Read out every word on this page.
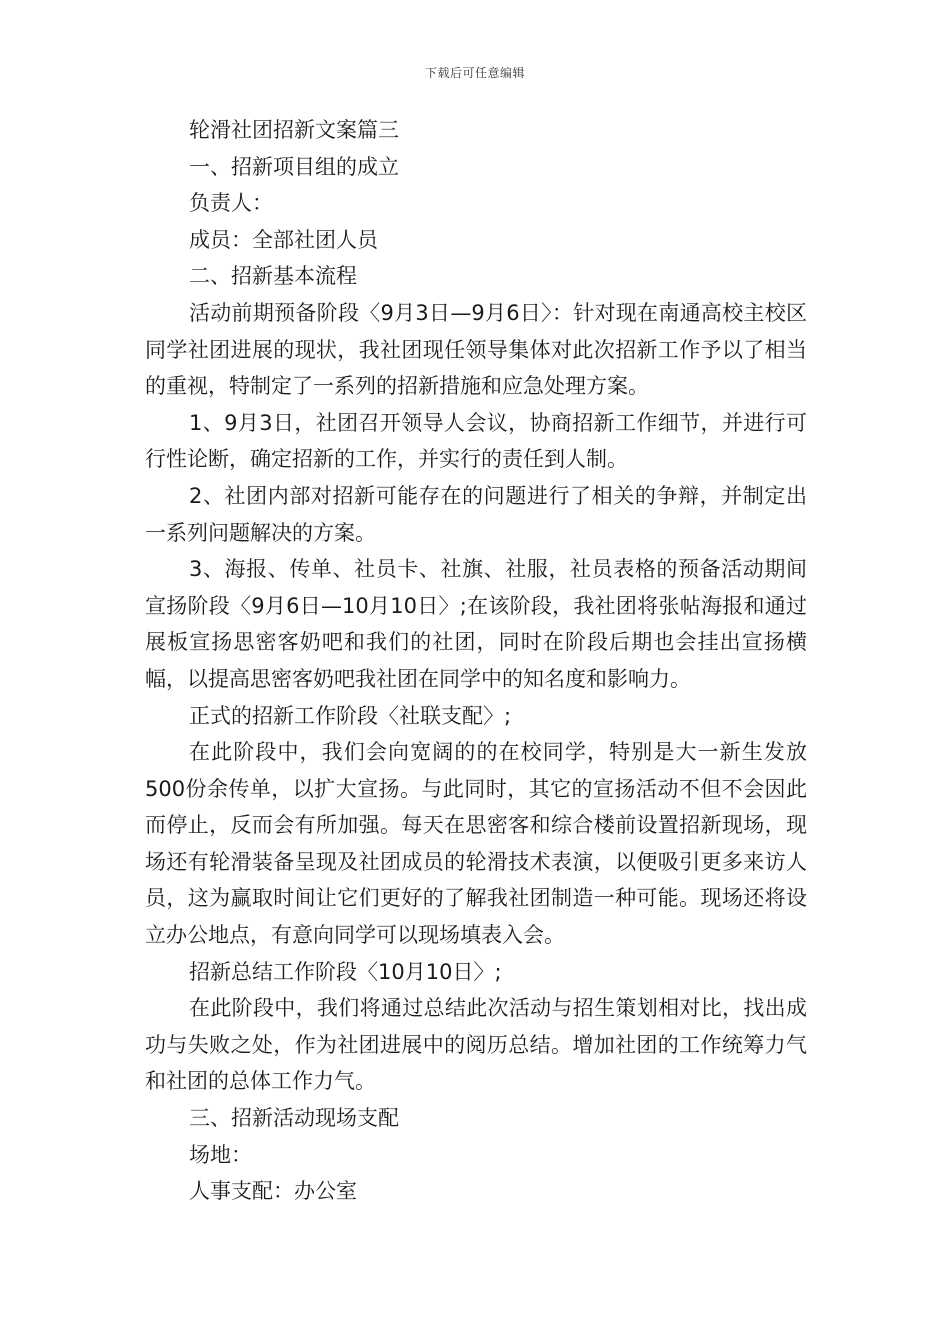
下载后可任意编辑

轮滑社团招新文案篇三

一、招新项目组的成立

负责人：

成员：全部社团人员

二、招新基本流程

活动前期预备阶段〈9月3日—9月6日〉：针对现在南通高校主校区同学社团进展的现状，我社团现任领导集体对此次招新工作予以了相当的重视，特制定了一系列的招新措施和应急处理方案。

1、9月3日，社团召开领导人会议，协商招新工作细节，并进行可行性论断，确定招新的工作，并实行的责任到人制。

2、社团内部对招新可能存在的问题进行了相关的争辩，并制定出一系列问题解决的方案。

3、海报、传单、社员卡、社旗、社服，社员表格的预备活动期间宣扬阶段〈9月6日—10月10日〉;在该阶段，我社团将张帖海报和通过展板宣扬思密客奶吧和我们的社团，同时在阶段后期也会挂出宣扬横幅，以提高思密客奶吧我社团在同学中的知名度和影响力。

正式的招新工作阶段〈社联支配〉;

在此阶段中，我们会向宽阔的的在校同学，特别是大一新生发放500份余传单，以扩大宣扬。与此同时，其它的宣扬活动不但不会因此而停止，反而会有所加强。每天在思密客和综合楼前设置招新现场，现场还有轮滑装备呈现及社团成员的轮滑技术表演，以便吸引更多来访人员，这为赢取时间让它们更好的了解我社团制造一种可能。现场还将设立办公地点，有意向同学可以现场填表入会。

招新总结工作阶段〈10月10日〉;

在此阶段中，我们将通过总结此次活动与招生策划相对比，找出成功与失败之处，作为社团进展中的阅历总结。增加社团的工作统筹力气和社团的总体工作力气。

三、招新活动现场支配

场地：

人事支配：办公室
